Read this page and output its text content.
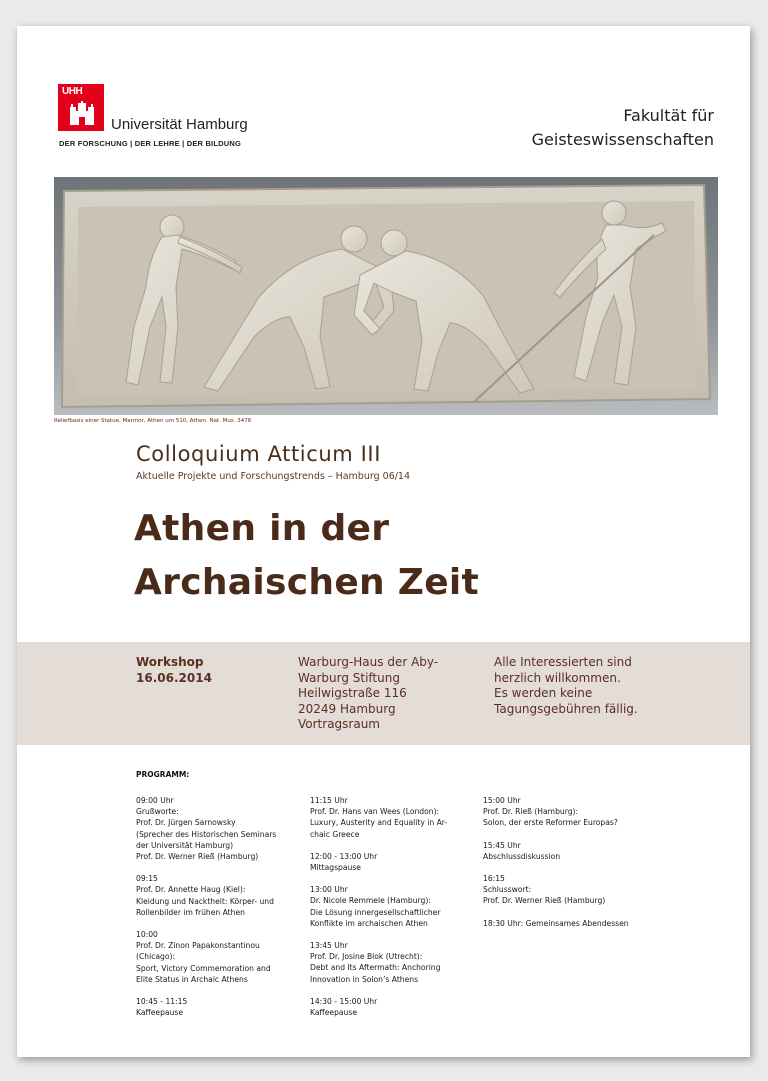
UHH
Universität Hamburg
DER FORSCHUNG | DER LEHRE | DER BILDUNG
Fakultät für
Geisteswissenschaften
Reliefbasis einer Statue, Marmor, Athen um 510, Athen. Nat. Mus. 3476
Colloquium Atticum III
Aktuelle Projekte und Forschungstrends – Hamburg 06/14
Athen in der
Archaischen Zeit
Workshop
16.06.2014
Warburg-Haus der Aby-
Warburg Stiftung
Heilwigstraße 116
20249 Hamburg
Vortragsraum
Alle Interessierten sind
herzlich willkommen.
Es werden keine
Tagungsgebühren fällig.
PROGRAMM:
09:00 Uhr
Grußworte:
Prof. Dr. Jürgen Sarnowsky
(Sprecher des Historischen Seminars
der Universität Hamburg)
Prof. Dr. Werner Rieß (Hamburg)
09:15
Prof. Dr. Annette Haug (Kiel):
Kleidung und Nacktheit: Körper- und
Rollenbilder im frühen Athen
10:00
Prof. Dr. Zinon Papakonstantinou
(Chicago):
Sport, Victory Commemoration and
Elite Status in Archaic Athens
10:45 - 11:15
Kaffeepause
11:15 Uhr
Prof. Dr. Hans van Wees (London):
Luxury, Austerity and Equality in Ar-
chaic Greece
12:00 - 13:00 Uhr
Mittagspause
13:00 Uhr
Dr. Nicole Remmele (Hamburg):
Die Lösung innergesellschaftlicher
Konflikte im archaischen Athen
13:45 Uhr
Prof. Dr. Josine Blok (Utrecht):
Debt and Its Aftermath: Anchoring
Innovation in Solon’s Athens
14:30 - 15:00 Uhr
Kaffeepause
15:00 Uhr
Prof. Dr. Rieß (Hamburg):
Solon, der erste Reformer Europas?
15:45 Uhr
Abschlussdiskussion
16:15
Schlusswort:
Prof. Dr. Werner Rieß (Hamburg)
18:30 Uhr: Gemeinsames Abendessen
